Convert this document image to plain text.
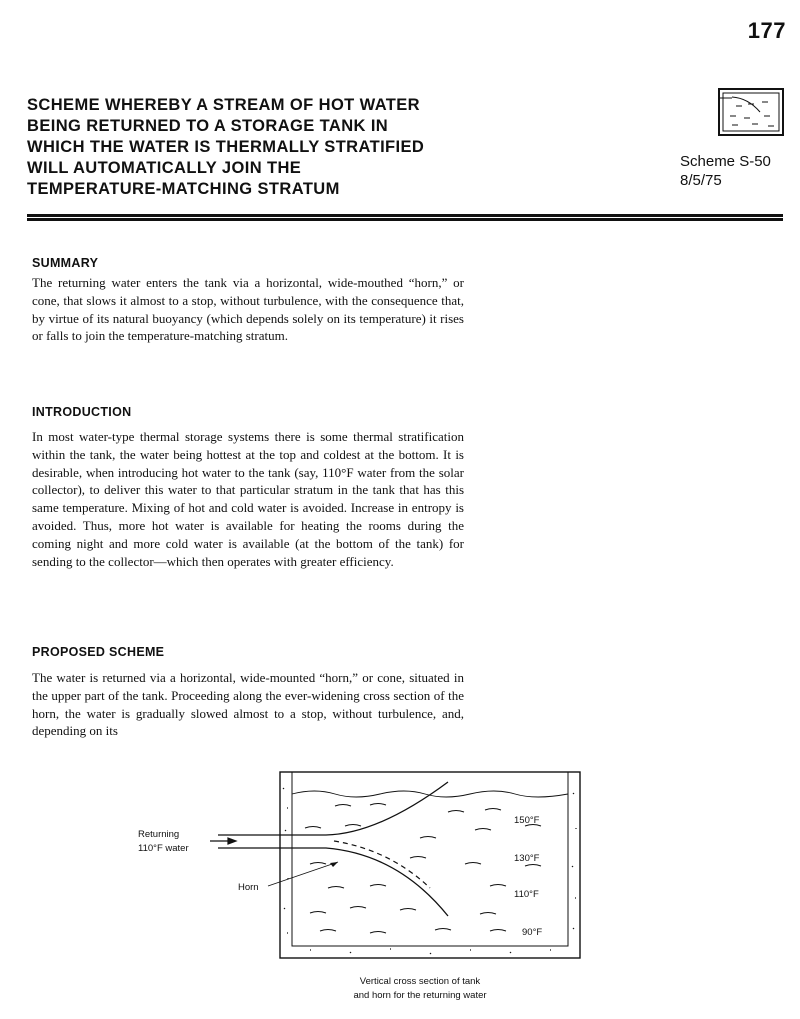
177
SCHEME WHEREBY A STREAM OF HOT WATER
BEING RETURNED TO A STORAGE TANK IN
WHICH THE WATER IS THERMALLY STRATIFIED
WILL AUTOMATICALLY JOIN THE
TEMPERATURE-MATCHING STRATUM
Scheme S-50
8/5/75
SUMMARY
The returning water enters the tank via a horizontal, wide-mouthed “horn,” or cone, that slows it almost to a stop, without turbulence, with the consequence that, by virtue of its natural buoyancy (which depends solely on its temperature) it rises or falls to join the temperature-matching stratum.
INTRODUCTION
In most water-type thermal storage systems there is some thermal stratification within the tank, the water being hottest at the top and coldest at the bottom. It is desirable, when introducing hot water to the tank (say, 110°F water from the solar collector), to deliver this water to that particular stratum in the tank that has this same temperature. Mixing of hot and cold water is avoided. Increase in entropy is avoided. Thus, more hot water is available for heating the rooms during the coming night and more cold water is available (at the bottom of the tank) for sending to the collector—which then operates with greater efficiency.
PROPOSED SCHEME
The water is returned via a horizontal, wide-mounted “horn,” or cone, situated in the upper part of the tank. Proceeding along the ever-widening cross section of the horn, the water is gradually slowed almost to a stop, without turbulence, and, depending on its
Returning
110°F water
Horn
150°F
130°F
110°F
90°F
Vertical cross section of tank
and horn for the returning water
